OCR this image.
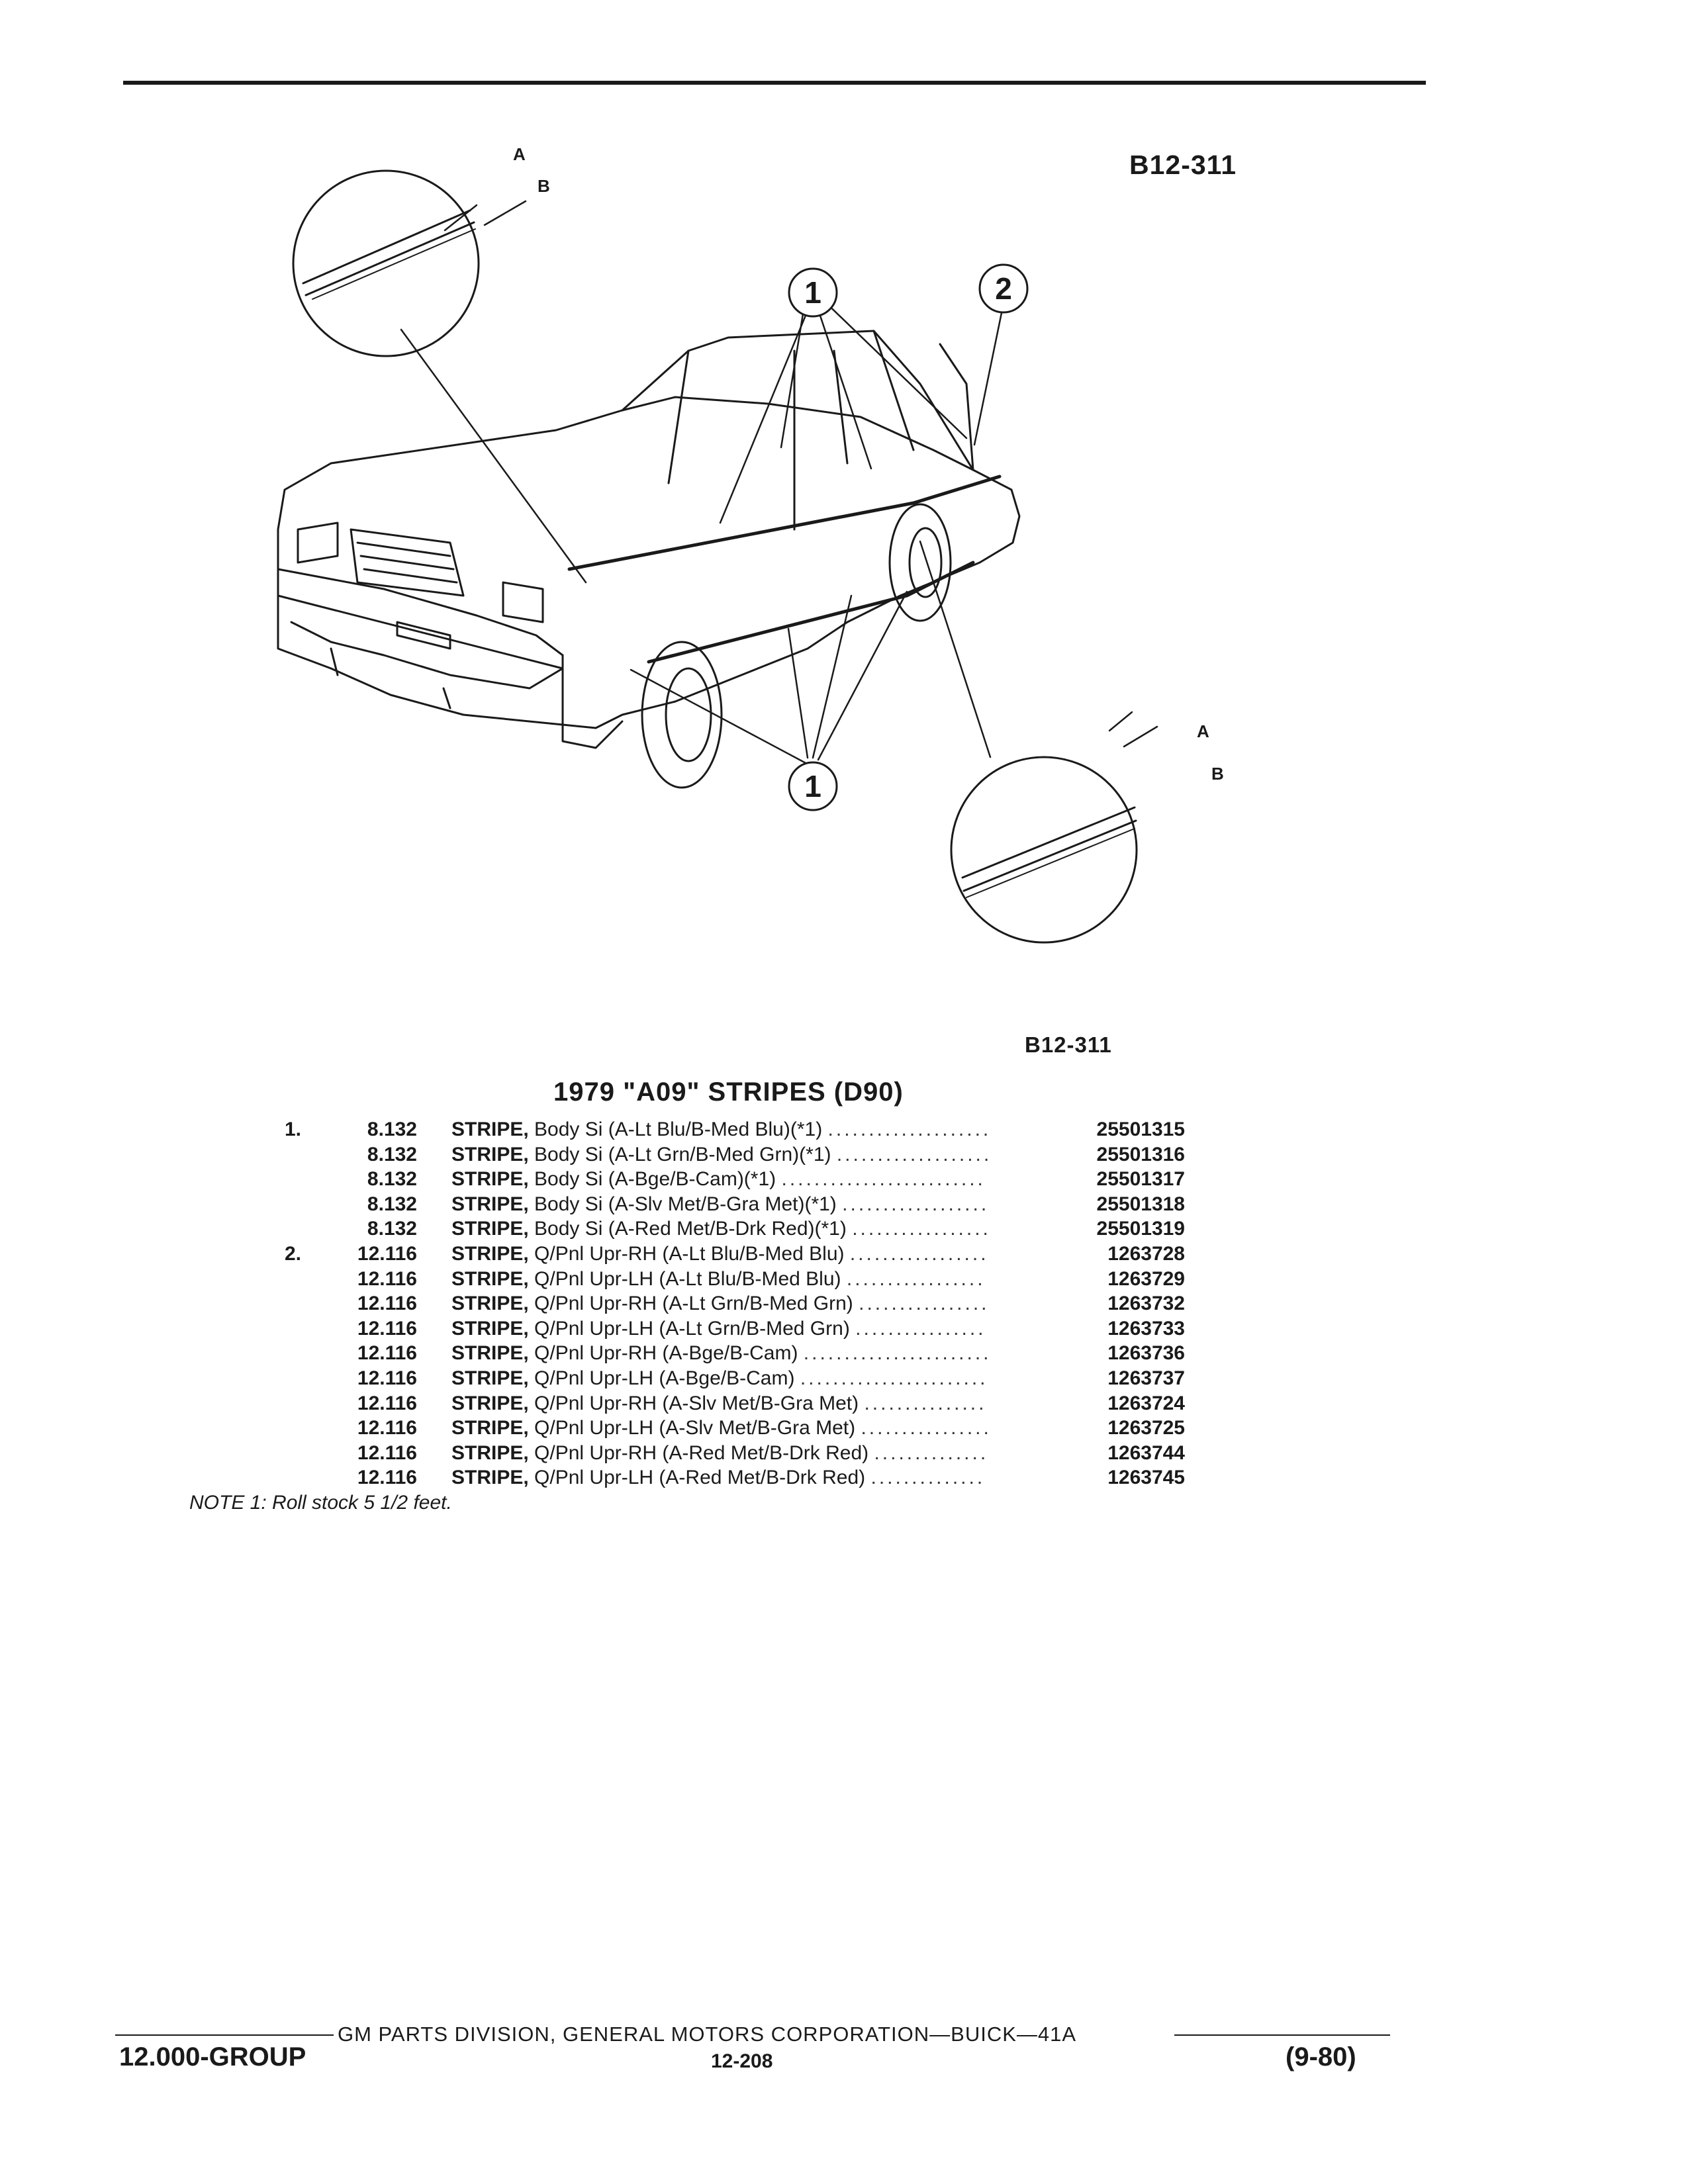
B12-311
1	2
1
A
B
A
B
B12-311
1979 "A09" STRIPES (D90)
1.	8.132 STRIPE, Body Si (A-Lt Blu/B-Med Blu)(*1) ....................	25501315
8.132 STRIPE, Body Si (A-Lt Grn/B-Med Grn)(*1) ...................	25501316
8.132 STRIPE, Body Si (A-Bge/B-Cam)(*1) .........................	25501317
8.132 STRIPE, Body Si (A-Slv Met/B-Gra Met)(*1) ..................	25501318
8.132 STRIPE, Body Si (A-Red Met/B-Drk Red)(*1) .................	25501319
2.	12.116 STRIPE, Q/Pnl Upr-RH (A-Lt Blu/B-Med Blu) .................	1263728
12.116 STRIPE, Q/Pnl Upr-LH (A-Lt Blu/B-Med Blu) .................	1263729
12.116 STRIPE, Q/Pnl Upr-RH (A-Lt Grn/B-Med Grn) ................	1263732
12.116 STRIPE, Q/Pnl Upr-LH (A-Lt Grn/B-Med Grn) ................	1263733
12.116 STRIPE, Q/Pnl Upr-RH (A-Bge/B-Cam) .......................	1263736
12.116 STRIPE, Q/Pnl Upr-LH (A-Bge/B-Cam) .......................	1263737
12.116 STRIPE, Q/Pnl Upr-RH (A-Slv Met/B-Gra Met) ...............	1263724
12.116 STRIPE, Q/Pnl Upr-LH (A-Slv Met/B-Gra Met) ................	1263725
12.116 STRIPE, Q/Pnl Upr-RH (A-Red Met/B-Drk Red) ..............	1263744
12.116 STRIPE, Q/Pnl Upr-LH (A-Red Met/B-Drk Red) ..............	1263745
NOTE 1: Roll stock 5 1/2 feet.
GM PARTS DIVISION, GENERAL MOTORS CORPORATION—BUICK—41A
12.000-GROUP	12-208	(9-80)
